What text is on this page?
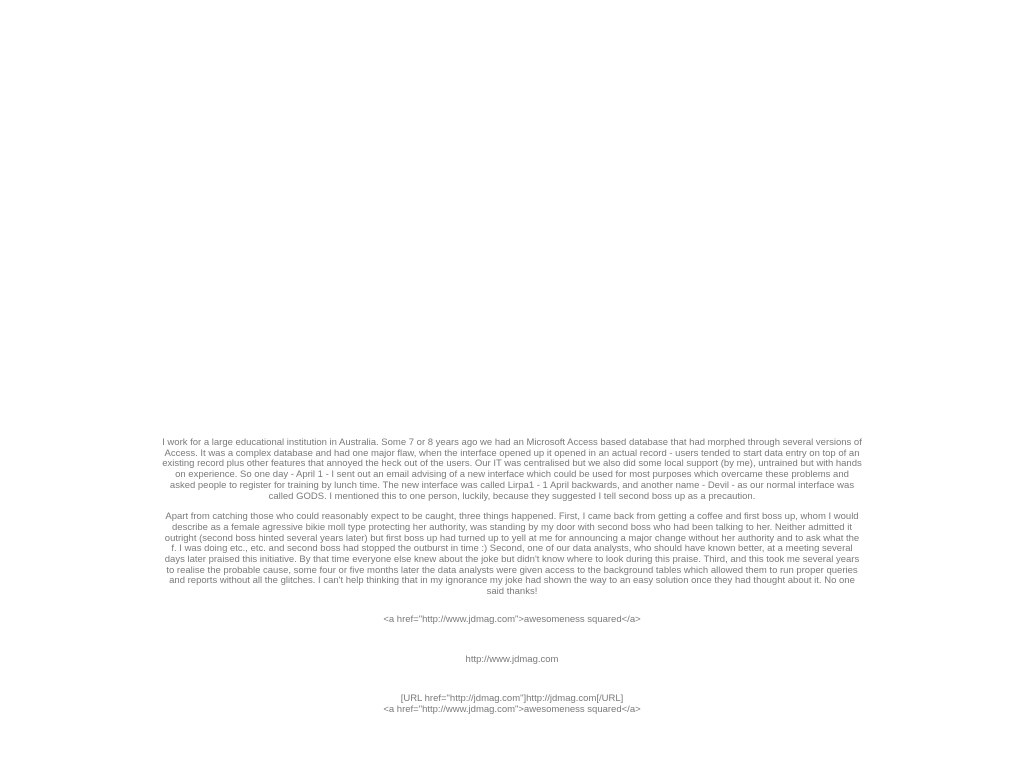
I work for a large educational institution in Australia. Some 7 or 8 years ago we had an Microsoft Access based database that had morphed through several versions of Access. It was a complex database and had one major flaw, when the interface opened up it opened in an actual record - users tended to start data entry on top of an existing record plus other features that annoyed the heck out of the users. Our IT was centralised but we also did some local support (by me), untrained but with hands on experience. So one day - April 1 - I sent out an email advising of a new interface which could be used for most purposes which overcame these problems and asked people to register for training by lunch time. The new interface was called Lirpa1 - 1 April backwards, and another name - Devil - as our normal interface was called GODS. I mentioned this to one person, luckily, because they suggested I tell second boss up as a precaution.

Apart from catching those who could reasonably expect to be caught, three things happened. First, I came back from getting a coffee and first boss up, whom I would describe as a female agressive bikie moll type protecting her authority, was standing by my door with second boss who had been talking to her. Neither admitted it outright (second boss hinted several years later) but first boss up had turned up to yell at me for announcing a major change without her authority and to ask what the f. I was doing etc., etc. and second boss had stopped the outburst in time :) Second, one of our data analysts, who should have known better, at a meeting several days later praised this initiative. By that time everyone else knew about the joke but didn't know where to look during this praise. Third, and this took me several years to realise the probable cause, some four or five months later the data analysts were given access to the background tables which allowed them to run proper queries and reports without all the glitches. I can't help thinking that in my ignorance my joke had shown the way to an easy solution once they had thought about it. No one said thanks!

<a href="http://www.jdmag.com">awesomeness squared</a>
http://www.jdmag.com
[URL href="http://jdmag.com"]http://jdmag.com[/URL]
<a href="http://www.jdmag.com">awesomeness squared</a>
